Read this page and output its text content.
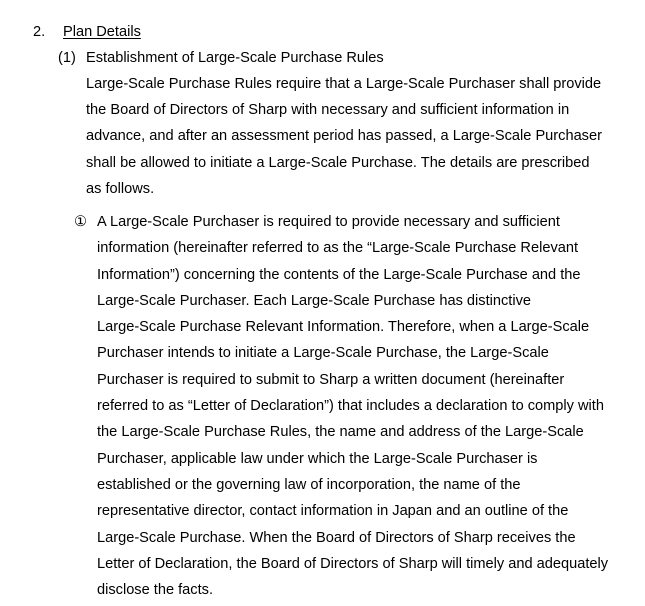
2. Plan Details
(1) Establishment of Large-Scale Purchase Rules
Large-Scale Purchase Rules require that a Large-Scale Purchaser shall provide
the Board of Directors of Sharp with necessary and sufficient information in
advance, and after an assessment period has passed, a Large-Scale Purchaser
shall be allowed to initiate a Large-Scale Purchase. The details are prescribed
as follows.
① A Large-Scale Purchaser is required to provide necessary and sufficient
information (hereinafter referred to as the “Large-Scale Purchase Relevant
Information”) concerning the contents of the Large-Scale Purchase and the
Large-Scale Purchaser. Each Large-Scale Purchase has distinctive
Large-Scale Purchase Relevant Information. Therefore, when a Large-Scale
Purchaser intends to initiate a Large-Scale Purchase, the Large-Scale
Purchaser is required to submit to Sharp a written document (hereinafter
referred to as “Letter of Declaration”) that includes a declaration to comply with
the Large-Scale Purchase Rules, the name and address of the Large-Scale
Purchaser, applicable law under which the Large-Scale Purchaser is
established or the governing law of incorporation, the name of the
representative director, contact information in Japan and an outline of the
Large-Scale Purchase. When the Board of Directors of Sharp receives the
Letter of Declaration, the Board of Directors of Sharp will timely and adequately
disclose the facts.
